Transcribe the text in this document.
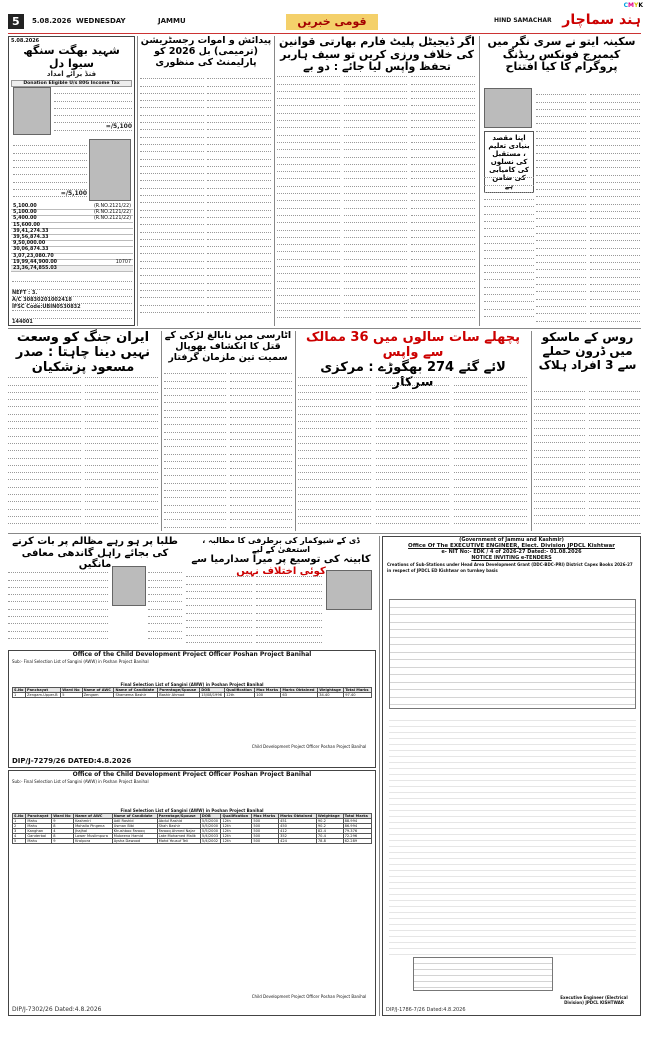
CMYK
5	5.08.2026 WEDNESDAY	JAMMU	قومی خبریں	HIND SAMACHAR ہند سماچار
5.08.2026
شہید بھگت سنگھ سیوا دل
فنڈ برائے امداد
Donation Eligible U/s 80G Income Tax
5,100/=
5,100/=
5,100.00	(R.NO.2121/22)
5,100.00	(R.NO.2121/22)
5,400.00	(R.NO.2121/22)
15,600.00
39,41,274.33
39,56,874.33
9,50,000.00
30,06,874.33
3,07,23,080.70
19,99,44,900.00	10707
23,36,74,855.03
NEFT : 3.
A/C 30830201002418
IFSC Code:UBIN0530832
144001
پیدائش و اموات رجسٹریشن (ترمیمی) بل 2026 کو پارلیمنٹ کی منظوری
اگر ڈیجیٹل پلیٹ فارم بھارتی قوانین کی خلاف ورزی کریں تو سیف ہاربر تحفظ واپس لیا جائے : دو بے
سکینہ ایتو نے سری نگر میں کیمبرج فونکس ریڈنگ پروگرام کا کیا افتتاح
اپنا مقصد بنیادی تعلیم ، مستقبل کی نسلوں کی کامیابی کی ضامن ہے
ایران جنگ کو وسعت نہیں دینا چاہتا : صدر مسعود پزشکیان
اٹارسی میں نابالغ لڑکی کے قتل کا انکشاف بھوپال سمیت تین ملزمان گرفتار
پچھلے سات سالوں میں 36 ممالک سے واپس
لائے گئے 274 بھگوڑے : مرکزی سرکار
روس کے ماسکو میں ڈرون حملے سے 3 افراد ہلاک
طلبا پر ہو رہے مظالم پر بات کرنے کی بجائے راہل گاندھی معافی مانگیں
ڈی کے شیوکمار کی برطرفی کا مطالبہ ، استعفیٰ کے لیے
کابینہ کی توسیع پر میرا سدارمیا سے کوئی اختلاف نہیں
Office of the Child Development Project Officer Poshan Project Banihal
Sub:- Final Selection List of Sangini (AWW) in Poshan Project Banihal

Final Selection List of Sangini (AWW) in Poshan Project Banihal
S.No	Panchayat	Ward No	Name of AWC	Name of Candidate	Parentage/Spouse	DOB	Qualification	Max Marks	Marks Obtained	Weightage	Total Marks
1	Zengam-Upper-B	5	Zengam	Shamema Bashir	Bashir Ahmad	15/08/1996	12th	100	63	34.40	97.40
Child Development Project Officer Poshan Project Banihal
DIP/J-7279/26 DATED:4.8.2026
Office of the Child Development Project Officer Poshan Project Banihal
Sub:- Final Selection List of Sangini (AWW) in Poshan Project Banihal

Final Selection List of Sangini (AWW) in Poshan Project Banihal
S.No	Panchayat	Ward No	Name of AWC	Name of Candidate	Parentage/Spouse	DOB	Qualification	Max Marks	Marks Obtained	Weightage	Total Marks
1	Mahu	9	Kashmiri	Adil Rashid	Abdul Rashid	5/5/2000	12th	500	451	90.2	88.994
2	Mahu	8	Mohalla Pingena	Usman Bibi	Shah Bashir	5/5/2000	12th	500	450	90.2	86.994
3	Kanghan	4	Jhajhal	Khushboo Farooq	Farooq Ahmed Najar	5/5/2000	12th	500	412	82.4	79.376
4	Ganderbal	8	Lower Muslimpura	Mubeena Hamid	Late Mohamed Malik	5/4/2003	12th	500	352	70.4	72.296
5	Mahu	9	Kralpora	Aysha Dawood	Mohd Yousuf Teli	5/4/2002	12th	500	424	78.8	62.289
Child Development Project Officer Poshan Project Banihal
DIP/J-7302/26 Dated:4.8.2026
(Government of Jammu and Kashmir)
Office Of The EXECUTIVE ENGINEER, Elect. Division JPDCL Kishtwar
e- NIT No:- EDK / 4 of 2026-27 Dated:- 01.08.2026
NOTICE INVITING e-TENDERS
Creations of Sub-Stations under Head Area Development Grant (DDC-BDC-PRI) District Capex Books 2026-27 in respect of JPDCL ED Kishtwar on turnkey basis
Executive Engineer (Electrical Division) JPDCL KISHTWAR
DIP/J-1786-7/26 Dated:4.8.2026
